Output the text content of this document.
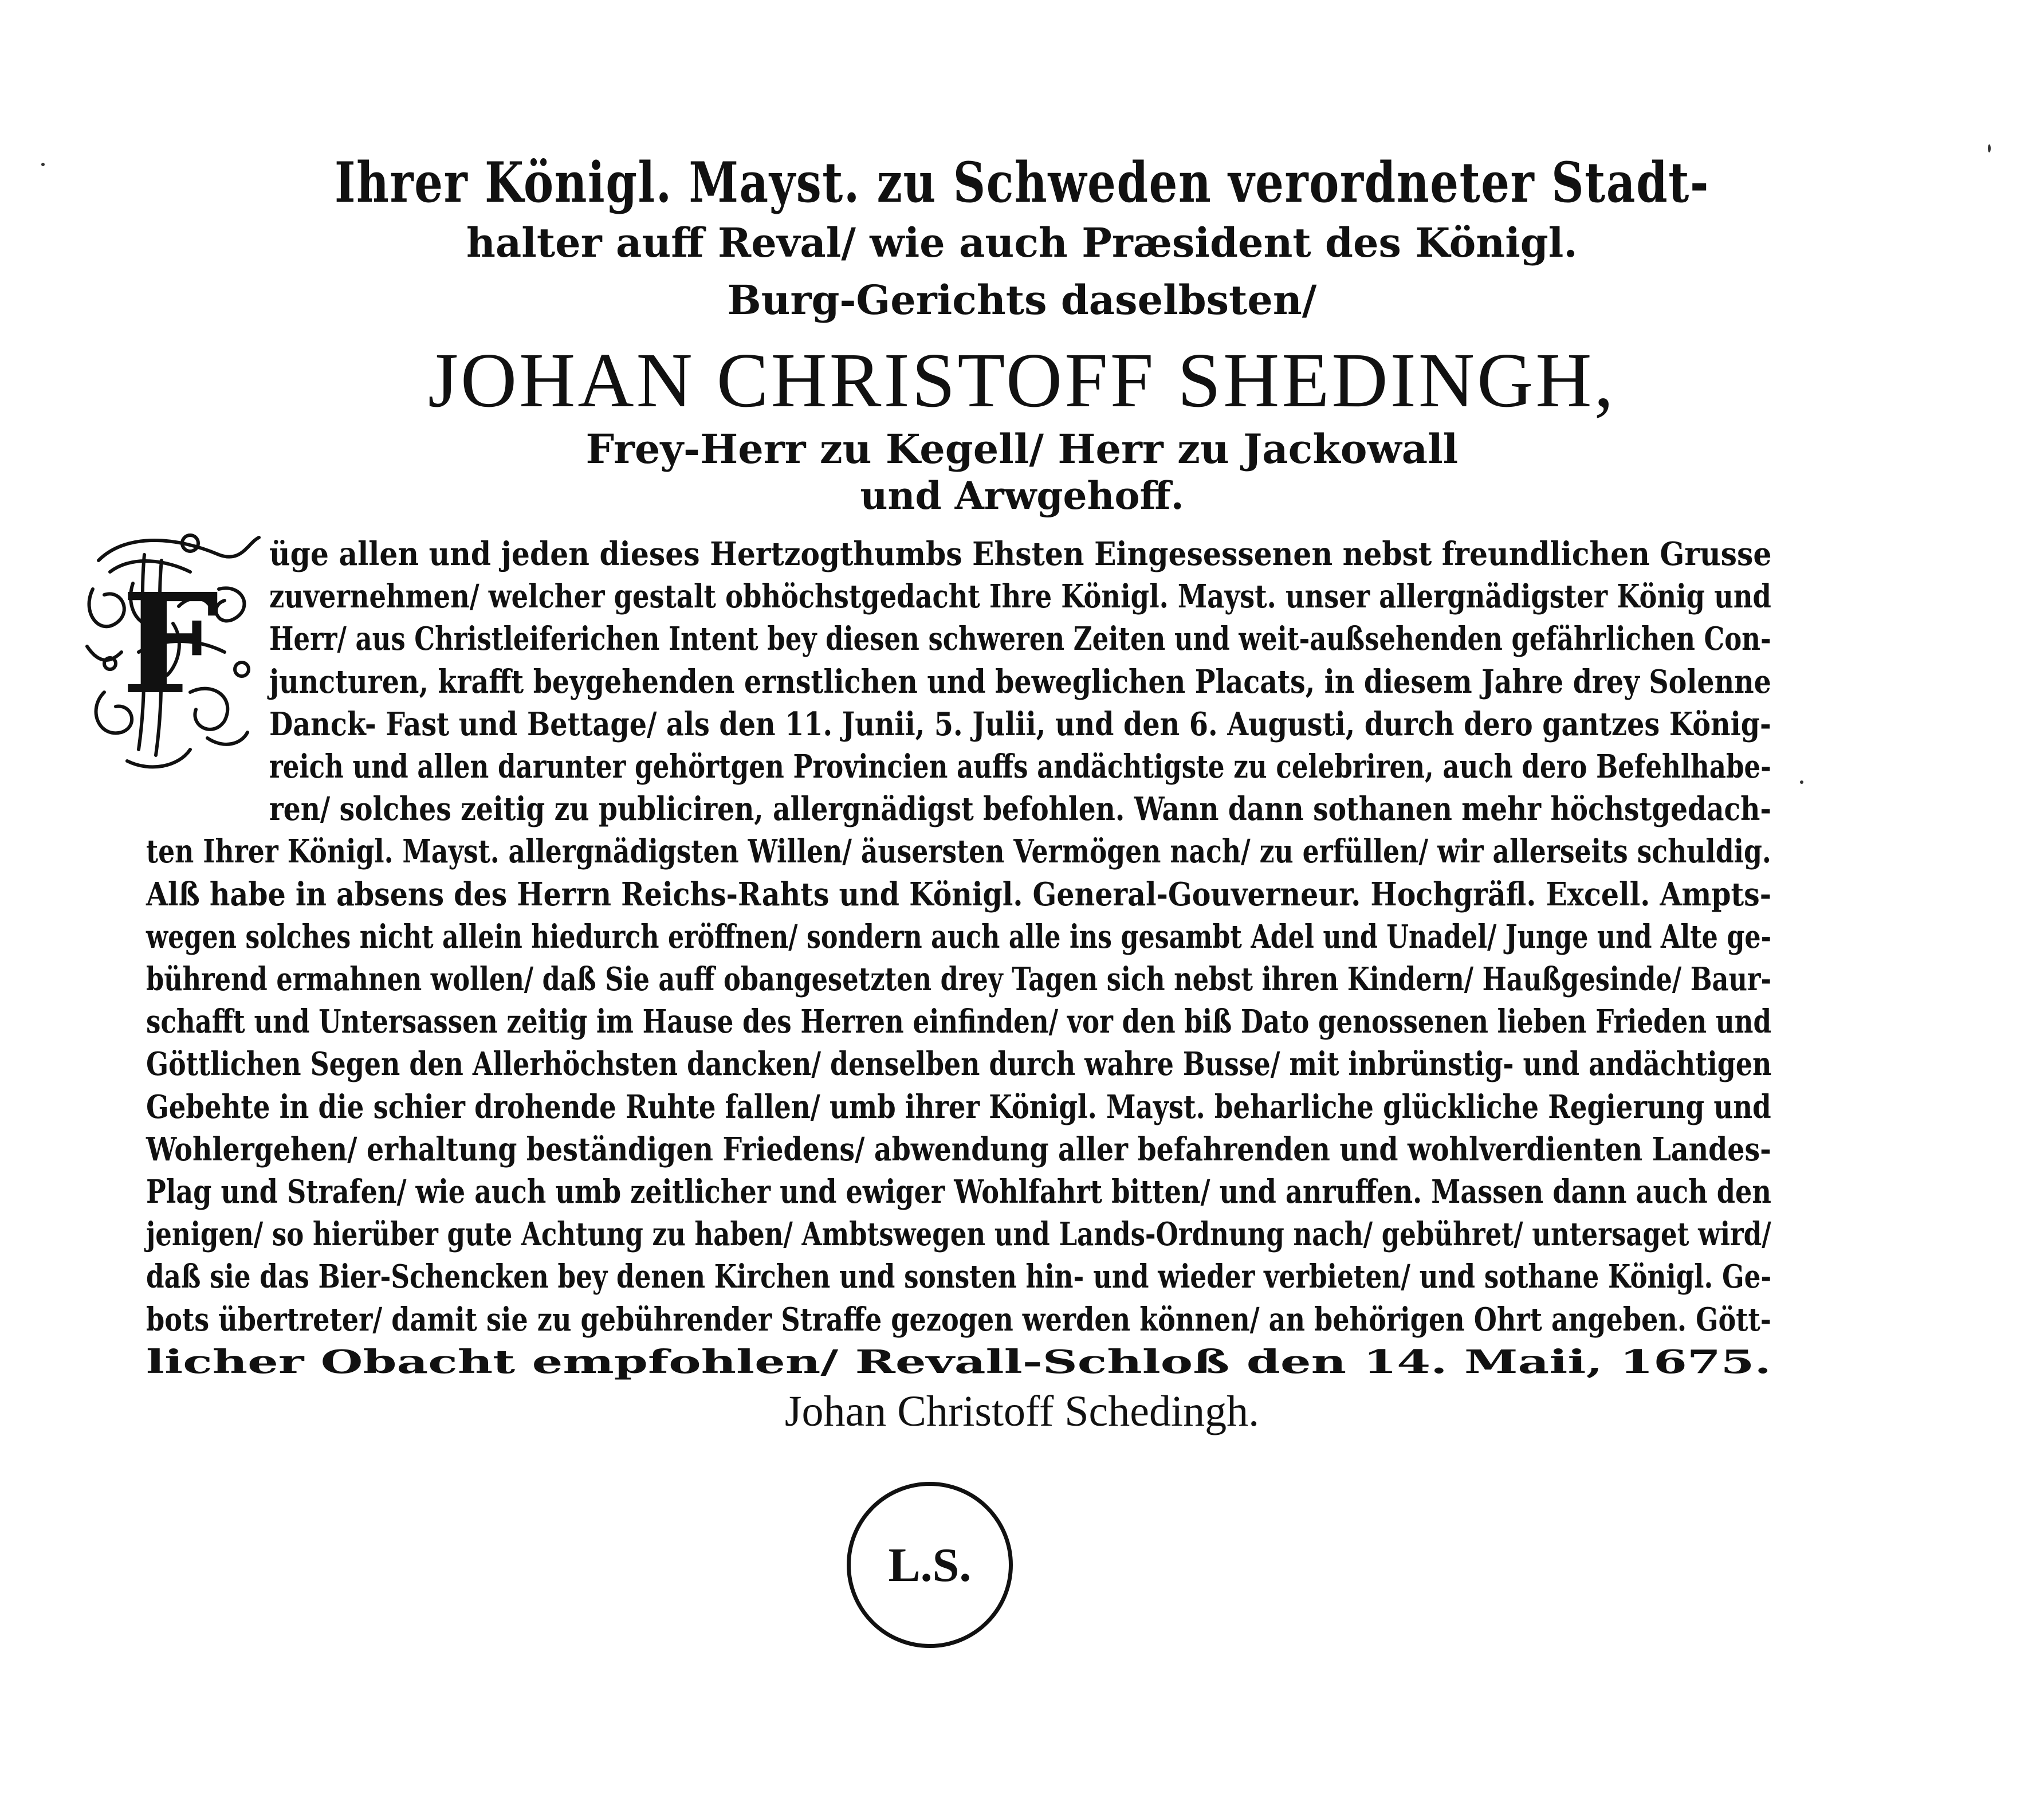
Ihrer Königl. Mayst. zu Schweden verordneter Stadt-
halter auff Reval/ wie auch Præsident des Königl.
Burg-Gerichts daselbsten/
JOHAN CHRISTOFF SHEDINGH,
Frey-Herr zu Kegell/ Herr zu Jackowall
und Arwgehoff.
F
üge allen und jeden dieses Hertzogthumbs Ehsten Eingesessenen nebst freundlichen Grusse
zuvernehmen/ welcher gestalt obhöchstgedacht Ihre Königl. Mayst. unser allergnädigster König und
Herr/ aus Christleiferichen Intent bey diesen schweren Zeiten und weit-außsehenden gefährlichen Con-
juncturen, krafft beygehenden ernstlichen und beweglichen Placats, in diesem Jahre drey Solenne
Danck- Fast und Bettage/ als den 11. Junii, 5. Julii, und den 6. Augusti, durch dero gantzes König-
reich und allen darunter gehörtgen Provincien auffs andächtigste zu celebriren, auch dero Befehlhabe-
ren/ solches zeitig zu publiciren, allergnädigst befohlen. Wann dann sothanen mehr höchstgedach-
ten Ihrer Königl. Mayst. allergnädigsten Willen/ äusersten Vermögen nach/ zu erfüllen/ wir allerseits schuldig.
Alß habe in absens des Herrn Reichs-Rahts und Königl. General-Gouverneur. Hochgräfl. Excell. Ampts-
wegen solches nicht allein hiedurch eröffnen/ sondern auch alle ins gesambt Adel und Unadel/ Junge und Alte ge-
bührend ermahnen wollen/ daß Sie auff obangesetzten drey Tagen sich nebst ihren Kindern/ Haußgesinde/ Baur-
schafft und Untersassen zeitig im Hause des Herren einfinden/ vor den biß Dato genossenen lieben Frieden und
Göttlichen Segen den Allerhöchsten dancken/ denselben durch wahre Busse/ mit inbrünstig- und andächtigen
Gebehte in die schier drohende Ruhte fallen/ umb ihrer Königl. Mayst. beharliche glückliche Regierung und
Wohlergehen/ erhaltung beständigen Friedens/ abwendung aller befahrenden und wohlverdienten Landes-
Plag und Strafen/ wie auch umb zeitlicher und ewiger Wohlfahrt bitten/ und anruffen. Massen dann auch den
jenigen/ so hierüber gute Achtung zu haben/ Ambtswegen und Lands-Ordnung nach/ gebühret/ untersaget wird/
daß sie das Bier-Schencken bey denen Kirchen und sonsten hin- und wieder verbieten/ und sothane Königl. Ge-
bots übertreter/ damit sie zu gebührender Straffe gezogen werden können/ an behörigen Ohrt angeben. Gött-
licher Obacht empfohlen/ Revall-Schloß den 14. Maii, 1675.
Johan Christoff Schedingh.
L.S.
